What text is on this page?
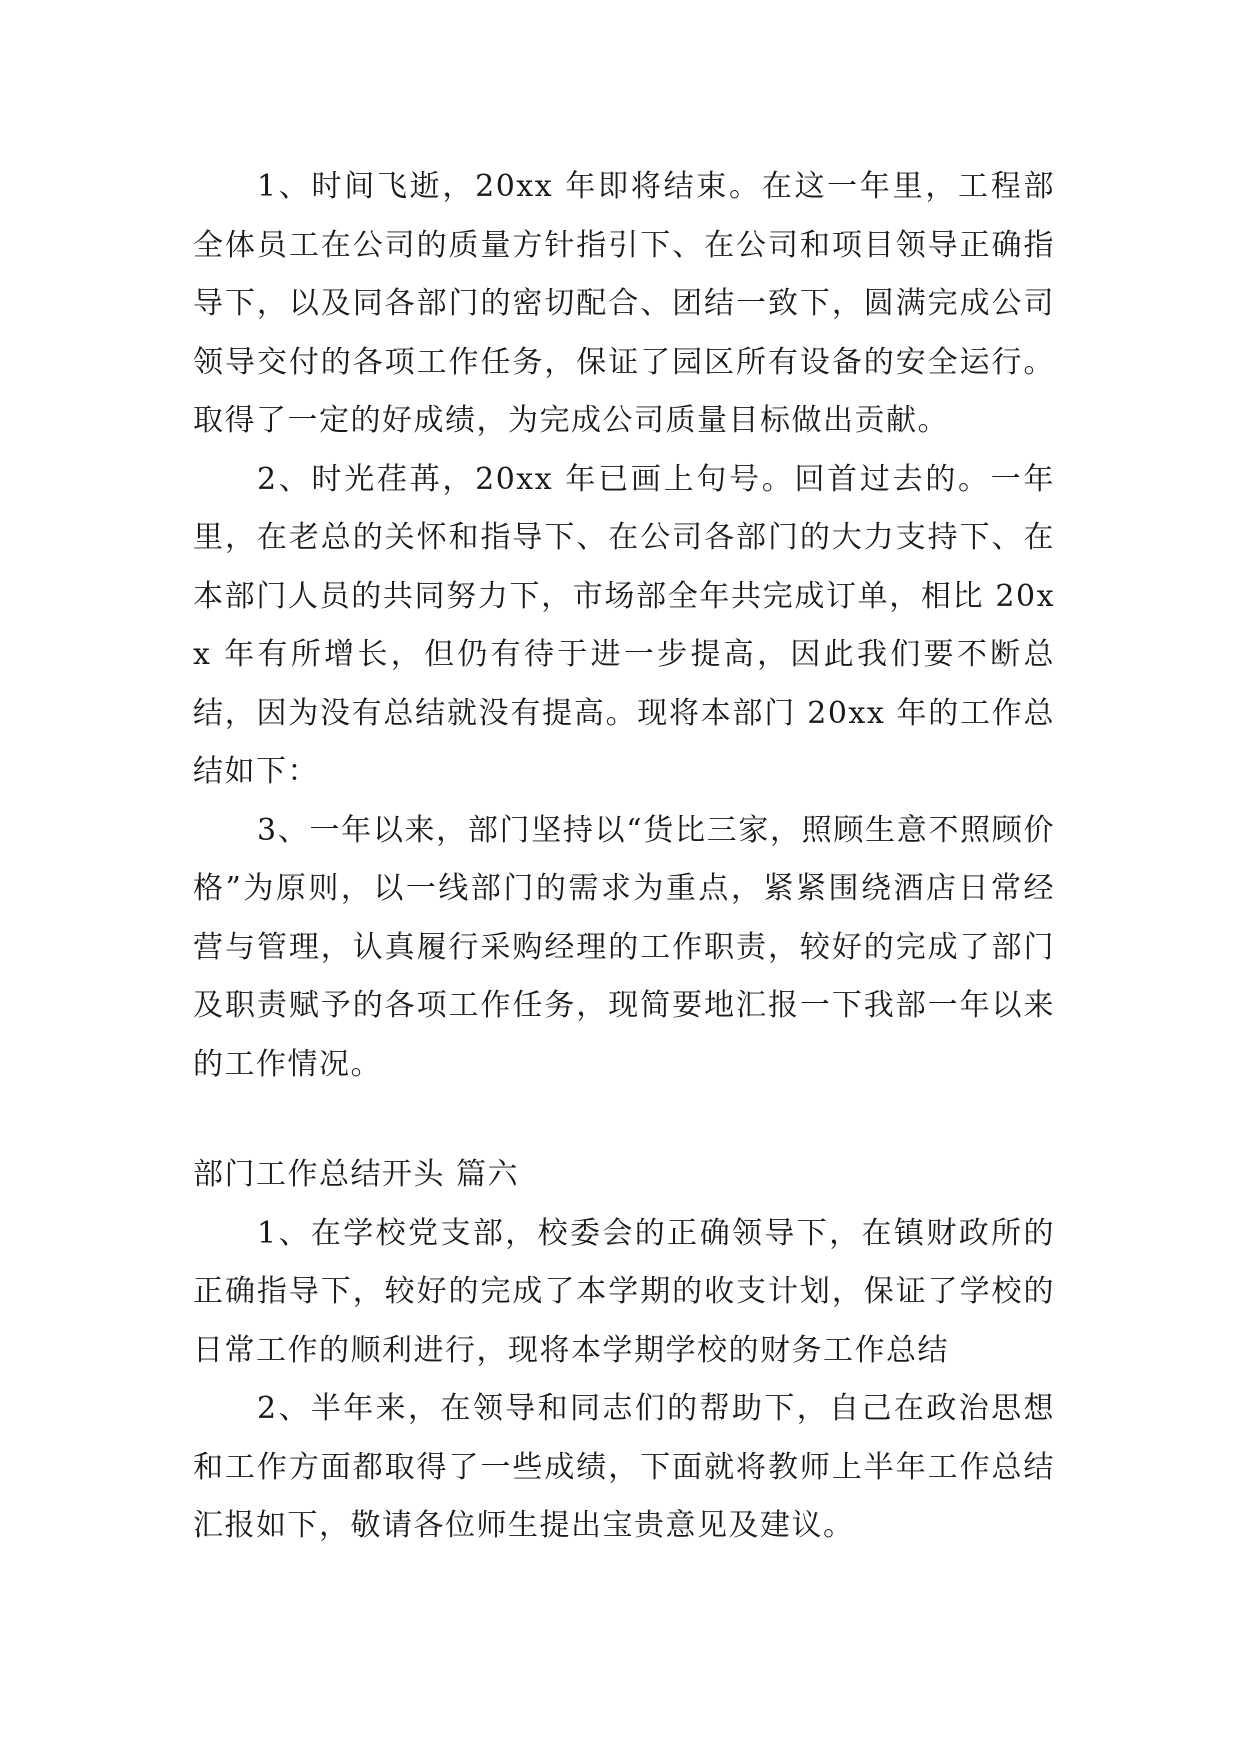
1、时间飞逝，20xx 年即将结束。在这一年里，工程部全体员工在公司的质量方针指引下、在公司和项目领导正确指导下，以及同各部门的密切配合、团结一致下，圆满完成公司领导交付的各项工作任务，保证了园区所有设备的安全运行。取得了一定的好成绩，为完成公司质量目标做出贡献。

2、时光荏苒，20xx 年已画上句号。回首过去的。一年里，在老总的关怀和指导下、在公司各部门的大力支持下、在本部门人员的共同努力下，市场部全年共完成订单，相比 20xx 年有所增长，但仍有待于进一步提高，因此我们要不断总结，因为没有总结就没有提高。现将本部门 20xx 年的工作总结如下：

3、一年以来，部门坚持以“货比三家，照顾生意不照顾价格”为原则，以一线部门的需求为重点，紧紧围绕酒店日常经营与管理，认真履行采购经理的工作职责，较好的完成了部门及职责赋予的各项工作任务，现简要地汇报一下我部一年以来的工作情况。

部门工作总结开头 篇六

1、在学校党支部，校委会的正确领导下，在镇财政所的正确指导下，较好的完成了本学期的收支计划，保证了学校的日常工作的顺利进行，现将本学期学校的财务工作总结

2、半年来，在领导和同志们的帮助下，自己在政治思想和工作方面都取得了一些成绩，下面就将教师上半年工作总结汇报如下，敬请各位师生提出宝贵意见及建议。
